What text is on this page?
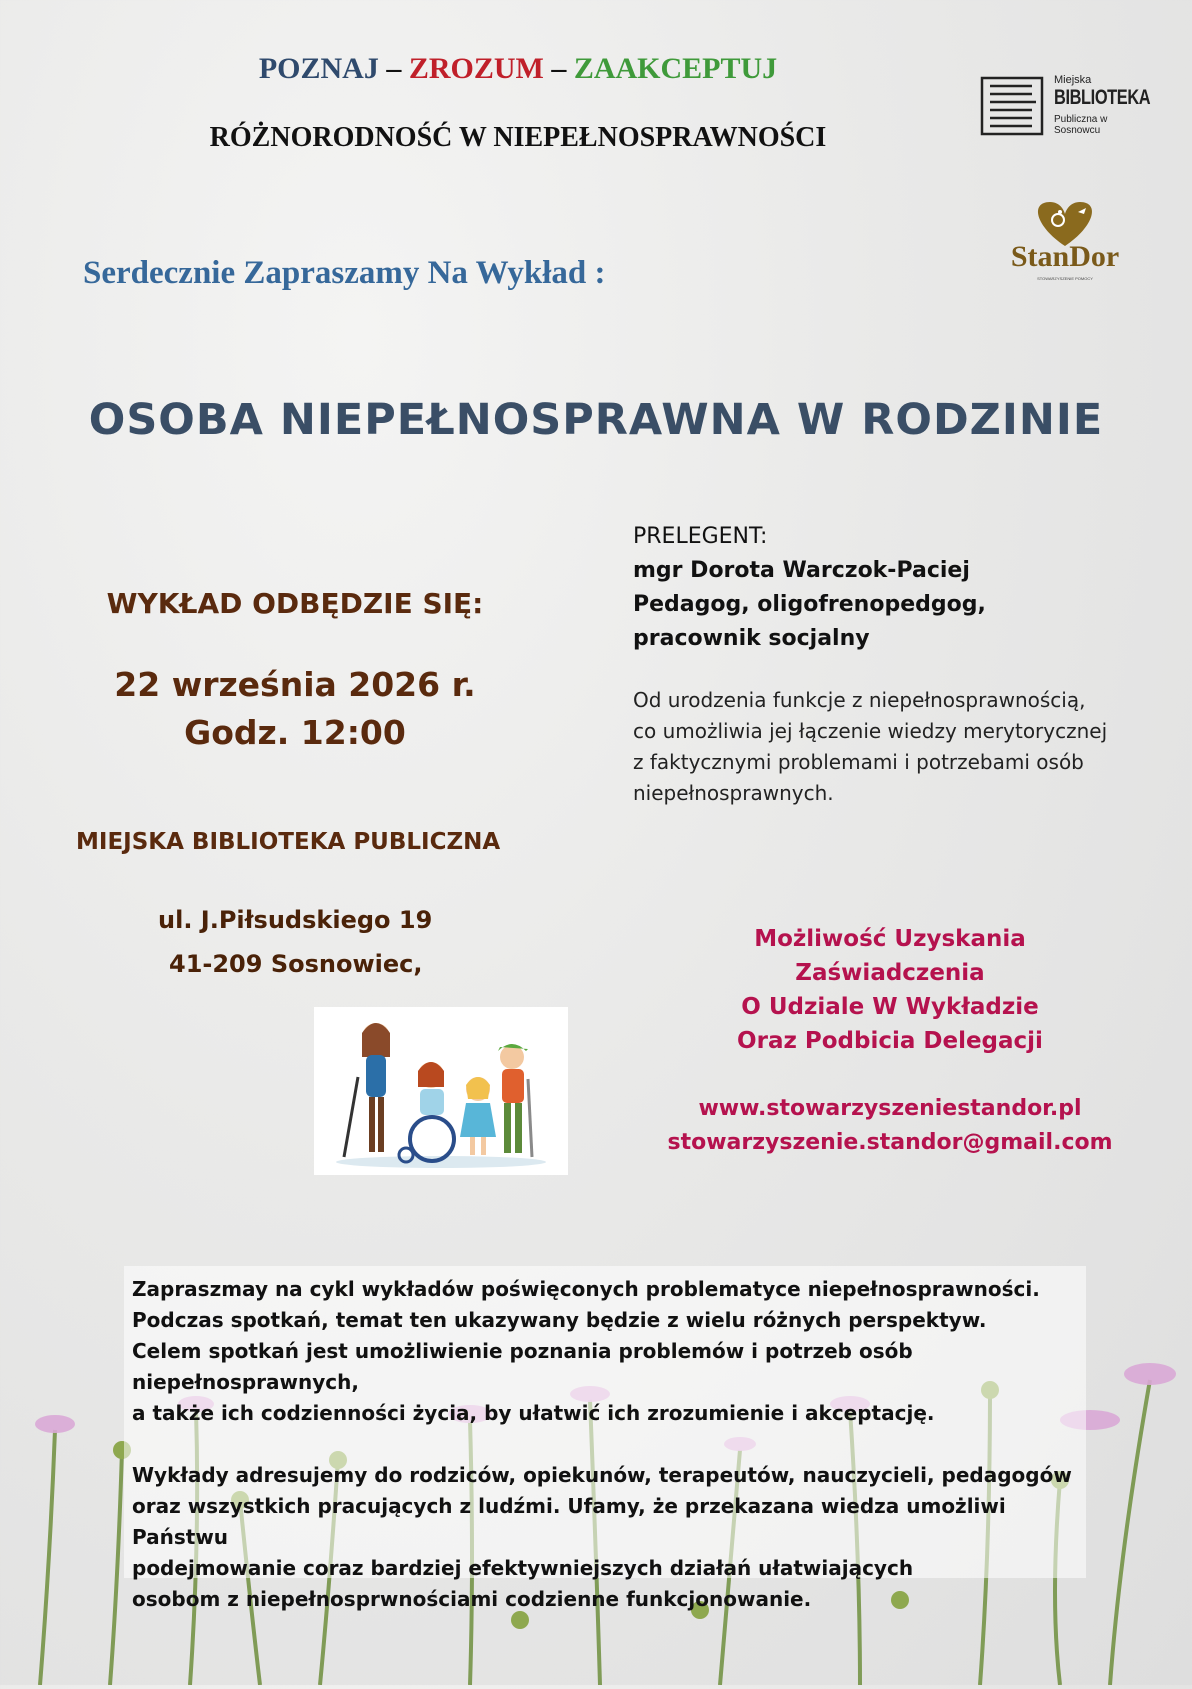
POZNAJ – ZROZUM – ZAAKCEPTUJ
RÓŻNORODNOŚĆ W NIEPEŁNOSPRAWNOŚCI
Miejska
BIBLIOTEKA
Publiczna w Sosnowcu
StanDor
STOWARZYSZENIE POMOCY
Serdecznie Zapraszamy Na Wykład :
OSOBA NIEPEŁNOSPRAWNA W RODZINIE
WYKŁAD ODBĘDZIE SIĘ:
22 września 2026 r.
Godz. 12:00
MIEJSKA BIBLIOTEKA PUBLICZNA
ul. J.Piłsudskiego 19
41-209 Sosnowiec,
PRELEGENT:
mgr Dorota Warczok-Paciej
Pedagog, oligofrenopedgog,
pracownik socjalny
Od urodzenia funkcje z niepełnosprawnością,
co umożliwia jej łączenie wiedzy merytorycznej
z faktycznymi problemami i potrzebami osób
niepełnosprawnych.
Możliwość Uzyskania
Zaświadczenia
O Udziale W Wykładzie
Oraz Podbicia Delegacji
www.stowarzyszeniestandor.pl
stowarzyszenie.standor@gmail.com

Zapraszmay na cykl wykładów poświęconych problematyce niepełnosprawności.
Podczas spotkań, temat ten ukazywany będzie z wielu różnych perspektyw.
Celem spotkań jest umożliwienie poznania problemów i potrzeb osób niepełnosprawnych,
a także ich codzienności życia, by ułatwić ich zrozumienie i akceptację.

Wykłady adresujemy do rodziców, opiekunów, terapeutów, nauczycieli, pedagogów
oraz wszystkich pracujących z ludźmi. Ufamy, że przekazana wiedza umożliwi Państwu
podejmowanie coraz bardziej efektywniejszych działań ułatwiających
osobom z niepełnosprwnościami codzienne funkcjonowanie.
